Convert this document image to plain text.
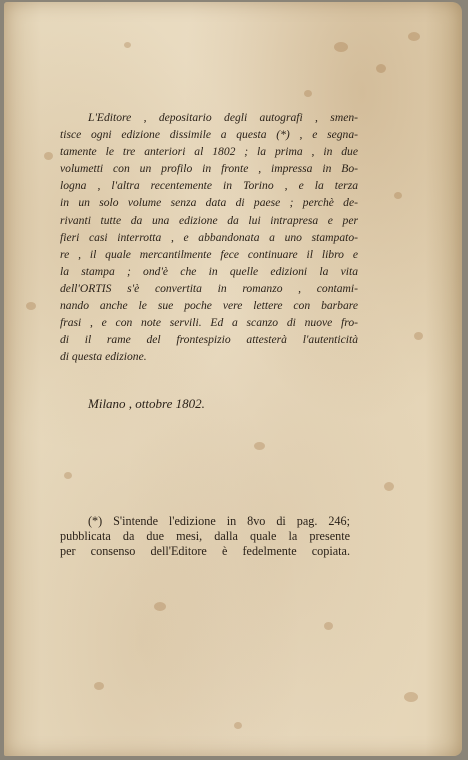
L'Editore , depositario degli autografi , smen-
tisce ogni edizione dissimile a questa (*) , e segna-
tamente le tre anteriori al 1802 ; la prima , in due
volumetti con un profilo in fronte , impressa in Bo-
logna , l'altra recentemente in Torino , e la terza
in un solo volume senza data di paese ; perchè de-
rivanti tutte da una edizione da lui intrapresa e per
fieri casi interrotta , e abbandonata a uno stampato-
re , il quale mercantilmente fece continuare il libro e
la stampa ; ond'è che in quelle edizioni la vita
dell'ORTIS s'è convertita in romanzo , contami-
nando anche le sue poche vere lettere con barbare
frasi , e con note servili. Ed a scanzo di nuove fro-
di il rame del frontespizio attesterà l'autenticità
di questa edizione.
Milano , ottobre 1802.
(*) S'intende l'edizione in 8vo di pag. 246;
pubblicata da due mesi, dalla quale la presente
per consenso dell'Editore è fedelmente copiata.
